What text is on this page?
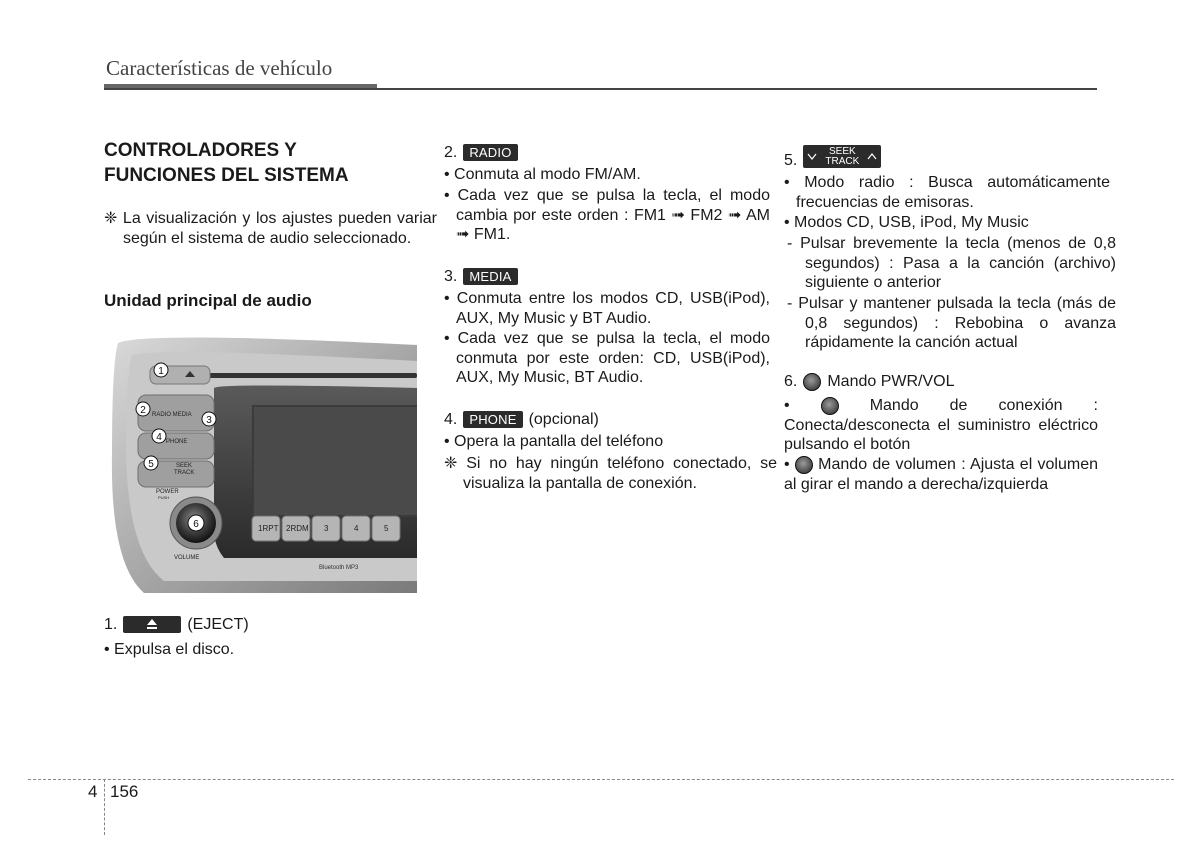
Características de vehículo
CONTROLADORES Y
FUNCIONES DEL SISTEMA
❈ La visualización y los ajustes pueden variar según el sistema de audio seleccionado.
Unidad principal de audio
1.	(EJECT)
• Expulsa el disco.
RADIO MEDIA
PHONE
SEEK
TRACK
POWER
PUSH
VOLUME
1RPT 2RDM 3	4	5
Bluetooth MP3
1
2
3
4
5
6
2. RADIO
• Conmuta al modo FM/AM.
• Cada vez que se pulsa la tecla, el modo cambia por este orden : FM1 ➟ FM2 ➟ AM ➟ FM1.
3. MEDIA
• Conmuta entre los modos CD, USB(iPod), AUX, My Music y BT Audio.
• Cada vez que se pulsa la tecla, el modo conmuta por este orden: CD, USB(iPod), AUX, My Music, BT Audio.
4. PHONE (opcional)
• Opera la pantalla del teléfono
❈ Si no hay ningún teléfono conectado, se visualiza la pantalla de conexión.
5.
SEEK
TRACK
• Modo radio : Busca automáticamente frecuencias de emisoras.
• Modos CD, USB, iPod, My Music
- Pulsar brevemente la tecla (menos de 0,8 segundos) : Pasa a la canción (archivo) siguiente o anterior
- Pulsar y mantener pulsada la tecla (más de 0,8 segundos) : Rebobina o avanza rápidamente la canción actual
6. Mando PWR/VOL
•	Mando de conexión : Conecta/desconecta el suministro eléctrico pulsando el botón
•  Mando de volumen : Ajusta el volumen al girar el mando a derecha/izquierda
4 156
